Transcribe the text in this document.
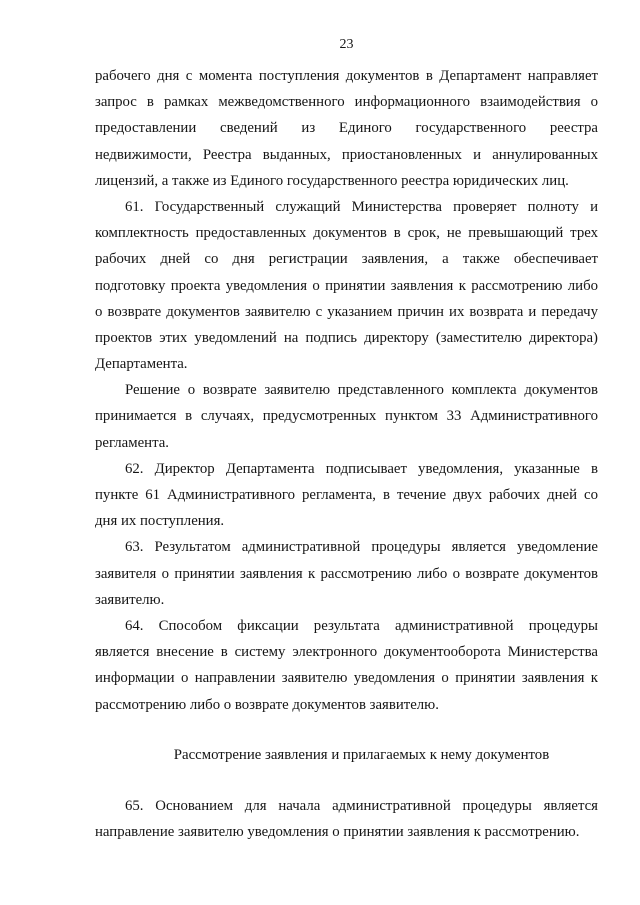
23
рабочего дня с момента поступления документов в Департамент направляет
запрос в рамках межведомственного информационного взаимодействия о
предоставлении сведений из Единого государственного реестра
недвижимости, Реестра выданных, приостановленных и аннулированных
лицензий, а также из Единого государственного реестра юридических лиц.
61. Государственный служащий Министерства проверяет полноту и
комплектность предоставленных документов в срок, не превышающий трех
рабочих дней со дня регистрации заявления, а также обеспечивает
подготовку проекта уведомления о принятии заявления к рассмотрению либо
о возврате документов заявителю с указанием причин их возврата и передачу
проектов этих уведомлений на подпись директору (заместителю директора)
Департамента.
Решение о возврате заявителю представленного комплекта документов
принимается в случаях, предусмотренных пунктом 33 Административного
регламента.
62. Директор Департамента подписывает уведомления, указанные в
пункте 61 Административного регламента, в течение двух рабочих дней со
дня их поступления.
63. Результатом административной процедуры является уведомление
заявителя о принятии заявления к рассмотрению либо о возврате документов
заявителю.
64. Способом фиксации результата административной процедуры
является внесение в систему электронного документооборота Министерства
информации о направлении заявителю уведомления о принятии заявления к
рассмотрению либо о возврате документов заявителю.
Рассмотрение заявления и прилагаемых к нему документов
65. Основанием для начала административной процедуры является
направление заявителю уведомления о принятии заявления к рассмотрению.
